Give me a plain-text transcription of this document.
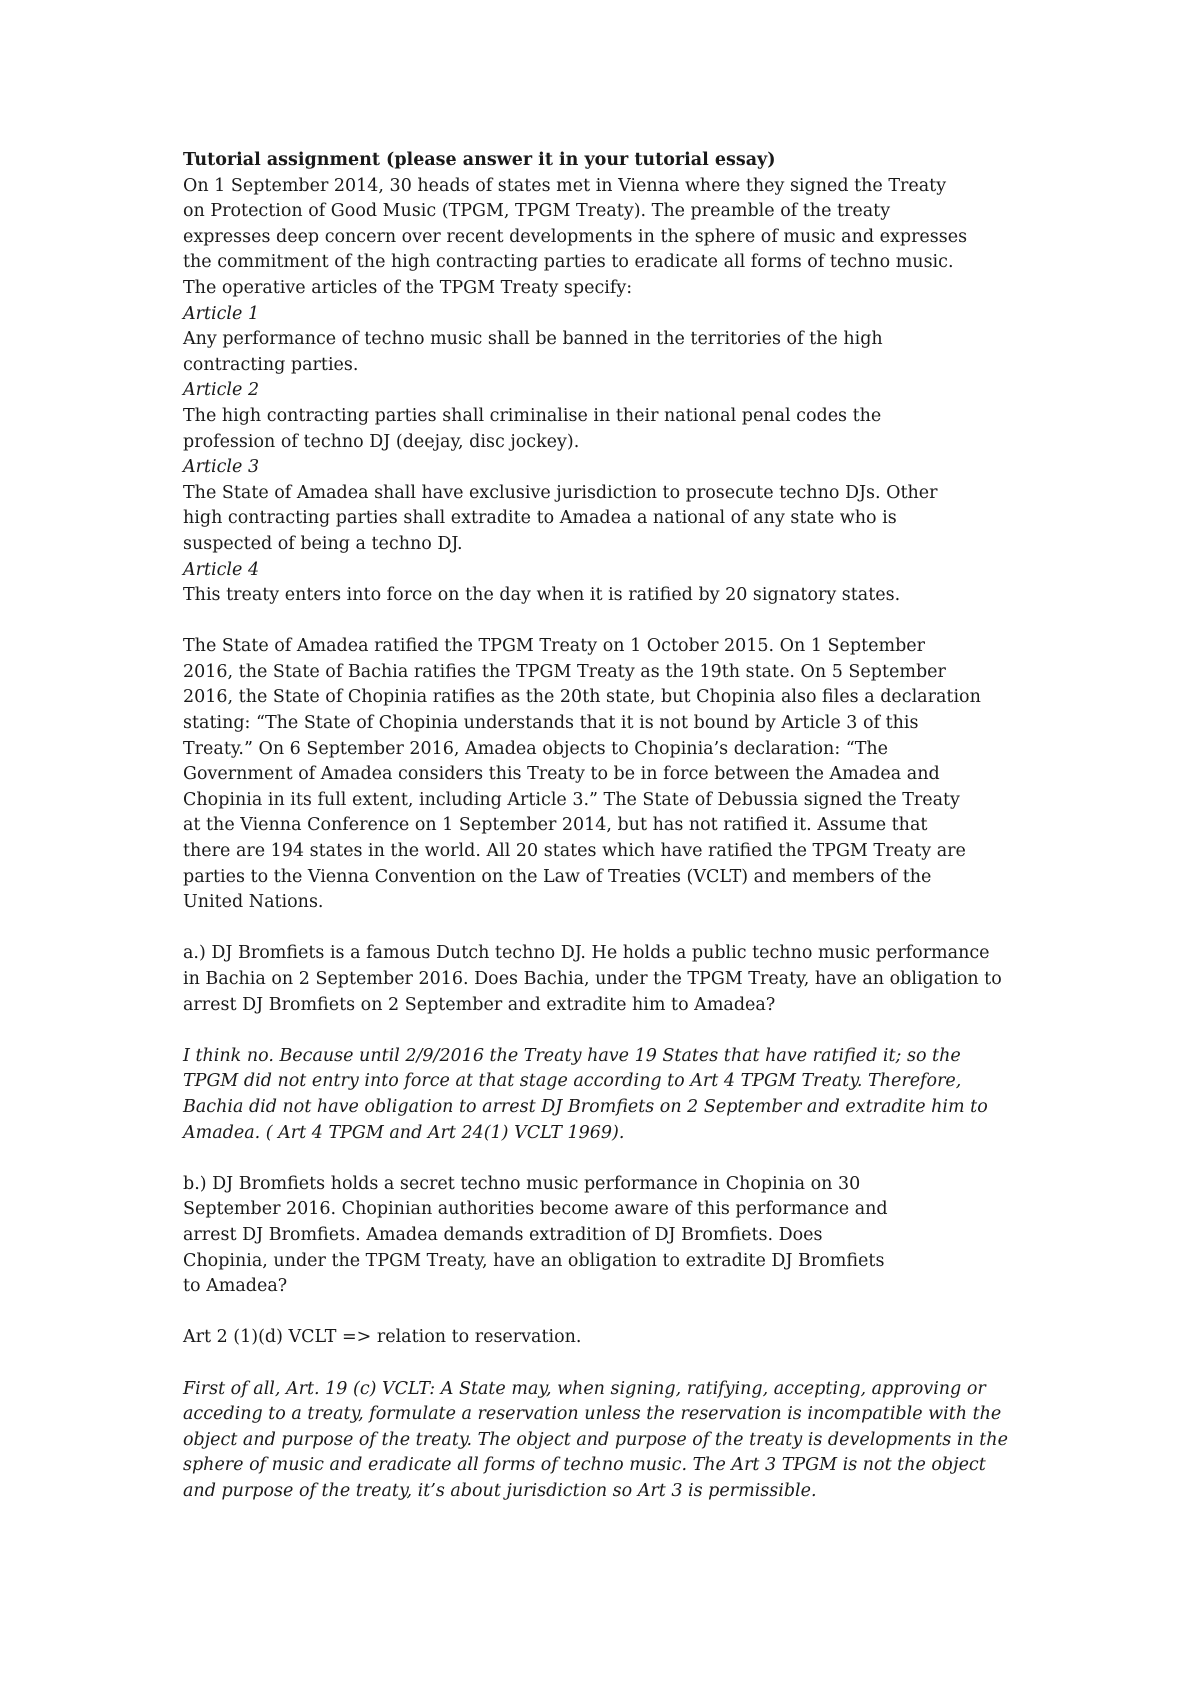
Tutorial assignment (please answer it in your tutorial essay)
On 1 September 2014, 30 heads of states met in Vienna where they signed the Treaty
on Protection of Good Music (TPGM, TPGM Treaty). The preamble of the treaty
expresses deep concern over recent developments in the sphere of music and expresses
the commitment of the high contracting parties to eradicate all forms of techno music.
The operative articles of the TPGM Treaty specify:
Article 1
Any performance of techno music shall be banned in the territories of the high
contracting parties.
Article 2
The high contracting parties shall criminalise in their national penal codes the
profession of techno DJ (deejay, disc jockey).
Article 3
The State of Amadea shall have exclusive jurisdiction to prosecute techno DJs. Other
high contracting parties shall extradite to Amadea a national of any state who is
suspected of being a techno DJ.
Article 4
This treaty enters into force on the day when it is ratified by 20 signatory states.
The State of Amadea ratified the TPGM Treaty on 1 October 2015. On 1 September
2016, the State of Bachia ratifies the TPGM Treaty as the 19th state. On 5 September
2016, the State of Chopinia ratifies as the 20th state, but Chopinia also files a declaration
stating: “The State of Chopinia understands that it is not bound by Article 3 of this
Treaty.” On 6 September 2016, Amadea objects to Chopinia’s declaration: “The
Government of Amadea considers this Treaty to be in force between the Amadea and
Chopinia in its full extent, including Article 3.” The State of Debussia signed the Treaty
at the Vienna Conference on 1 September 2014, but has not ratified it. Assume that
there are 194 states in the world. All 20 states which have ratified the TPGM Treaty are
parties to the Vienna Convention on the Law of Treaties (VCLT) and members of the
United Nations.
a.) DJ Bromfiets is a famous Dutch techno DJ. He holds a public techno music performance
in Bachia on 2 September 2016. Does Bachia, under the TPGM Treaty, have an obligation to
arrest DJ Bromfiets on 2 September and extradite him to Amadea?
I think no. Because until 2/9/2016 the Treaty have 19 States that have ratified it; so the
TPGM did not entry into force at that stage according to Art 4 TPGM Treaty. Therefore,
Bachia did not have obligation to arrest DJ Bromfiets on 2 September and extradite him to
Amadea. ( Art 4 TPGM and Art 24(1) VCLT 1969).
b.) DJ Bromfiets holds a secret techno music performance in Chopinia on 30
September 2016. Chopinian authorities become aware of this performance and
arrest DJ Bromfiets. Amadea demands extradition of DJ Bromfiets. Does
Chopinia, under the TPGM Treaty, have an obligation to extradite DJ Bromfiets
to Amadea?
Art 2 (1)(d) VCLT => relation to reservation.
First of all, Art. 19 (c) VCLT: A State may, when signing, ratifying, accepting, approving or
acceding to a treaty, formulate a reservation unless the reservation is incompatible with the
object and purpose of the treaty. The object and purpose of the treaty is developments in the
sphere of music and eradicate all forms of techno music. The Art 3 TPGM is not the object
and purpose of the treaty, it’s about jurisdiction so Art 3 is permissible.
